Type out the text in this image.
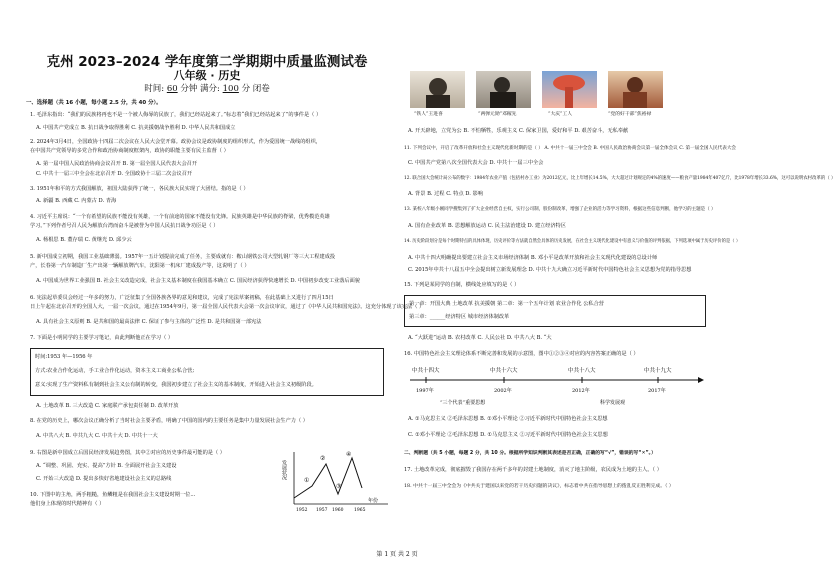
克州 2023–2024 学年度第二学期期中质量监测试卷
八年级 · 历史
时间: 60 分钟 满分: 100 分 闭卷
一、选择题（共 16 小题，每小题 2.5 分，共 40 分）。
1. 毛泽东指出：“我们的民族将再也不是一个被人侮辱的民族了，我们已经站起来了。”标志着“我们已经站起来了”的事件是（ ）
A. 中国共产党成立 B. 抗日战争取得胜利 C. 抗美援朝战争胜利 D. 中华人民共和国成立
2. 2024年3月4日，全国政协十四届二次会议在人民大会堂开幕。政协会议是政协制度的组织形式，作为爱国统一战线的组织，
在中国共产党领导的多党合作和政治协商制度框架内，政协的职能主要有民主监督（ ）
A. 第一届中国人民政治协商会议召开 B. 第一届全国人民代表大会召开
C. 中共十一届三中全会在北京召开 D. 全国政协十三届二次会议召开
3. 1951年和平的方式我国解放，祖国大陆获得了统一，各民族大民实现了大团结。指的是（ ）
A. 新疆 B. 西藏 C. 内蒙古 D. 青海
4. 习近平主席说：“一个有希望的民族不能没有英雄，一个有前途的国家不能没有先锋。民族英雄是中华民族的脊梁，优秀模范英雄
学习。”下列作者号召人民为解放台湾而奋斗是被誉为中国人民抗日战争功臣是（ ）
A. 杨根思 B. 董存瑞 C. 黄继光 D. 邱少云
5. 新中国成立初期，我国工业基础薄弱。1957年一五计划提前完成了任务，主要成就有：鞍山钢铁公司大型轧钢厂等三大工程建成投
产，长春第一汽车制造厂生产出第一辆解放牌汽车，沈阳第一机床厂建成投产等，这说明了（ ）
A. 中国成为世界工业强国 B. 社会主义改造完成，社会主义基本制度在我国基本确立 C. 国民经济获得快速增长 D. 中国初步改变工业落后面貌
6. 宪法起草委员会经过一年多的努力，广泛征集了全国各族各界的意见和建议，完成了宪法草案初稿，在此基础上又进行了四月15日
日上午起在北京召开的全国人大，一届一次会议，通过在1954年9月，第一届全国人民代表大会第一次会议审议，通过了《中华人民共和国宪法》。这充分体现了该宪法（ ）
A. 具有社会主义原则 B. 是共和国的最高法律 C. 保证了参与主体的广泛性 D. 是共和国第一部宪法
7. 下面是小明同学的主要学习笔记，由此判断他正在学习（ ）
时间:1953 年—1956 年
方式:农业合作化运动，手工业合作化运动，资本主义工商业公私合营;
意义:实现了生产资料私有制到社会主义公有制的转变，我国初步建立了社会主义的基本制度，开始进入社会主义初级阶段。
A. 土地改革 B. 三大改造 C. 家庭联产承包责任制 D. 改革开放
8. 在党的历史上，哪次会议正确分析了当时社会主要矛盾，明确了中国的国内的主要任务是集中力量发展社会生产力（ ）
A. 中共八大 B. 中共九大 C. 中共十大 D. 中共十一大
9. 右图是新中国成立后国民经济发展趋势图，其中②对应的历史事件最可能的是（ ）
A. “调整、巩固、充实、提高”方针 B. 全面展开社会主义建设
C. 开始三大改造 D. 提出多快好省地建设社会主义的总路线
10. 下图中的主角，两手粗糙，鱼鳞粗是在我国社会主义建设时期一位...
他们身上体现的时代精神有（ ）
发展状况
年份
①
②
③
④
1952 1957 1960 1965
“铁人”王进喜	“两弹元勋”邓稼先	“大庆”工人	“党的好干部”焦裕禄
A. 开天辟地，立党为公 B. 不怕牺牲，乐观主义 C. 保家卫国，爱好和平 D. 艰苦奋斗，无私奉献
11. 下列会议中，开启了改革开放和社会主义现代化新时期的是（ ） A. 中共十一届三中全会 B. 中国人民政治协商会议第一届全体会议 C. 第一届全国人民代表大会
C. 中国共产党第八次全国代表大会 D. 中共十一届三中全会
12. 联合国大会统计局公布的数字：1984年农业产值（包括村办工业）为2012亿元，比上年增长14.5%，大大超过计划规定的4%的速度——粮食产量1984年407亿斤，比1978年增长33.6%，这可以说明农村改革的（ ）
A. 背景 B. 过程 C. 特点 D. 影响
13. 某校八年级小刚同学搜集到了扩大企业经营自主权，实行公司制，股份制改革，增强了企业的活力等学习资料，根据这些信息判断，他学习的主题是（ ）
A. 国有企业改革 B. 思想解放运动 C. 民主法治建设 D. 建立经济特区
14. 历史阶段划分是每个时期特点的具体体现，历史评价等方法就自然会具体的历史发展，在社会主义现代化建设中有意义与价值的评判依据，下列选项中属于历史评价的是（ ）
A. 中共十四大明确提出要建立社会主义市场经济体制 B. 邓小平是改革开放和社会主义现代化建设的总设计师
C. 2015年中共十八届五中全会提出树立新发展理念 D. 中共十九大确立习近平新时代中国特色社会主义思想为党的指导思想
15. 下列是某同学的自制，横线处应填写的是（ ）
第一章：开国大典 土地改革 抗美援朝 第二章：第一个五年计划 农业合作化 公私合营
第三章：______经济特区 城市经济体制改革
A. “大跃进”运动 B. 农村改革 C. 人民公社 D. 中共八大 B. “大
16. 中国特色社会主义理论体系不断完善和发展的示意图，图中①②③④对应的内容答案正确的是（ ）
中共十四大	中共十六大	中共十八大	中共十九大
1997年	2002年	2012年	2017年
“三个代表”重要思想	科学发展观
A. ①马克思主义 ②毛泽东思想 B. ①邓小平理论 ②习近平新时代中国特色社会主义思想
C. ①邓小平理论 ②毛泽东思想 D. ①马克思主义 ②习近平新时代中国特色社会主义思想
二、判断题（共 5 小题，每题 2 分，共 10 分。根据所学知识判断其表述是否正确，正确的写“√”，错误的写“✕”。）
17. 土地改革完成，彻底摧毁了我国存在两千多年的封建土地制度，消灭了地主阶级，农民成为土地的主人。（ ）
18. 中共十一届三中全会为《中共关于建国以来党的若干历史问题的决议》，标志着中共在指导思想上的拨乱反正胜利完成。（ ）
第 1 页 共 2 页
